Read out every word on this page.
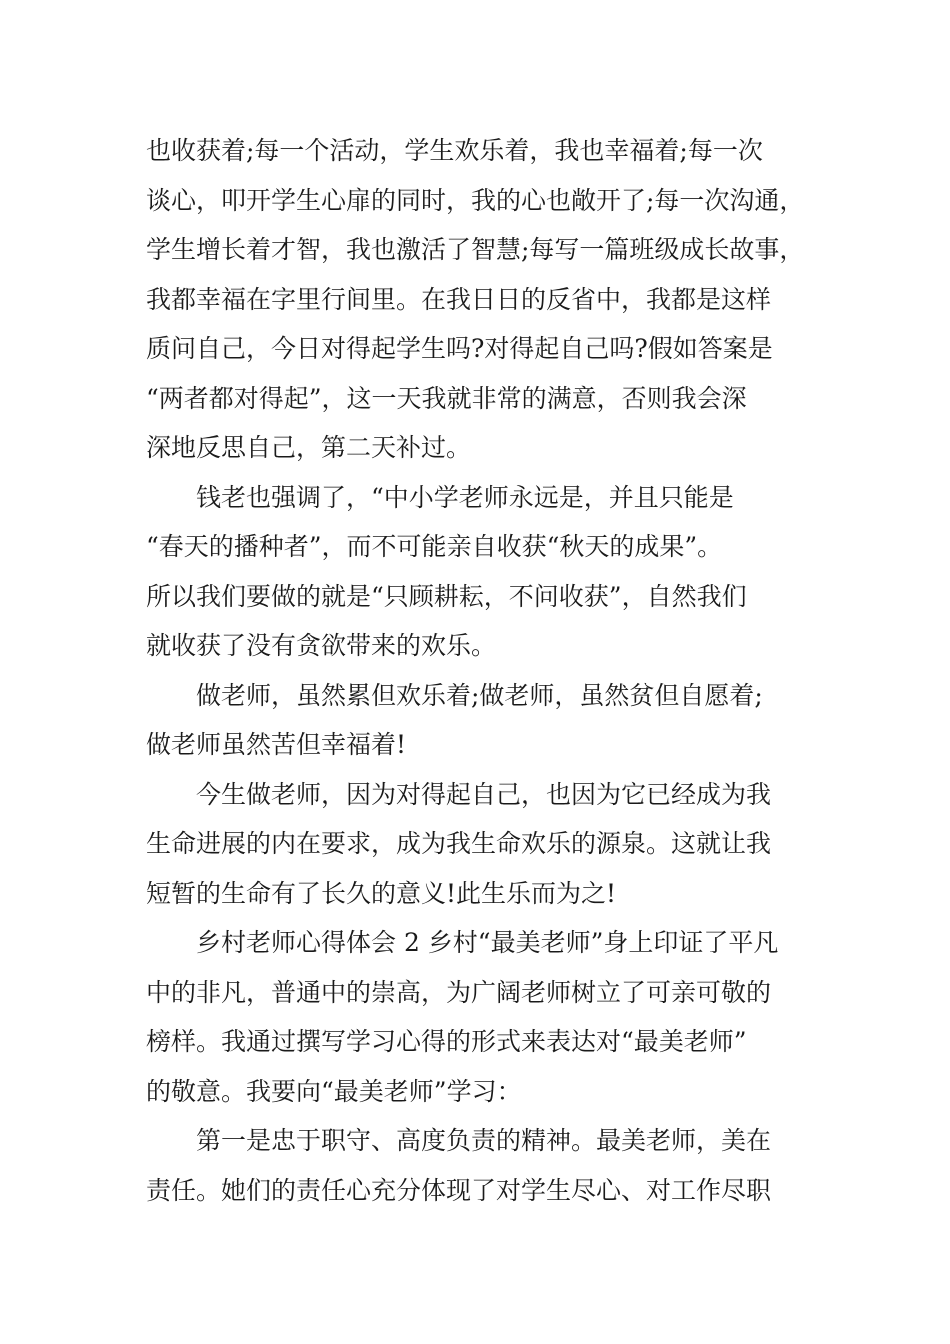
也收获着;每一个活动，学生欢乐着，我也幸福着;每一次
谈心，叩开学生心扉的同时，我的心也敞开了;每一次沟通，
学生增长着才智，我也激活了智慧;每写一篇班级成长故事，
我都幸福在字里行间里。在我日日的反省中，我都是这样
质问自己，今日对得起学生吗?对得起自己吗?假如答案是
“两者都对得起”，这一天我就非常的满意，否则我会深
深地反思自己，第二天补过。
钱老也强调了，“中小学老师永远是，并且只能是
“春天的播种者”，而不可能亲自收获“秋天的成果”。
所以我们要做的就是“只顾耕耘，不问收获”，自然我们
就收获了没有贪欲带来的欢乐。
做老师，虽然累但欢乐着;做老师，虽然贫但自愿着;
做老师虽然苦但幸福着!
今生做老师，因为对得起自己，也因为它已经成为我
生命进展的内在要求，成为我生命欢乐的源泉。这就让我
短暂的生命有了长久的意义!此生乐而为之!
乡村老师心得体会 2 乡村“最美老师”身上印证了平凡
中的非凡，普通中的崇高，为广阔老师树立了可亲可敬的
榜样。我通过撰写学习心得的形式来表达对“最美老师”
的敬意。我要向“最美老师”学习：
第一是忠于职守、高度负责的精神。最美老师，美在
责任。她们的责任心充分体现了对学生尽心、对工作尽职
